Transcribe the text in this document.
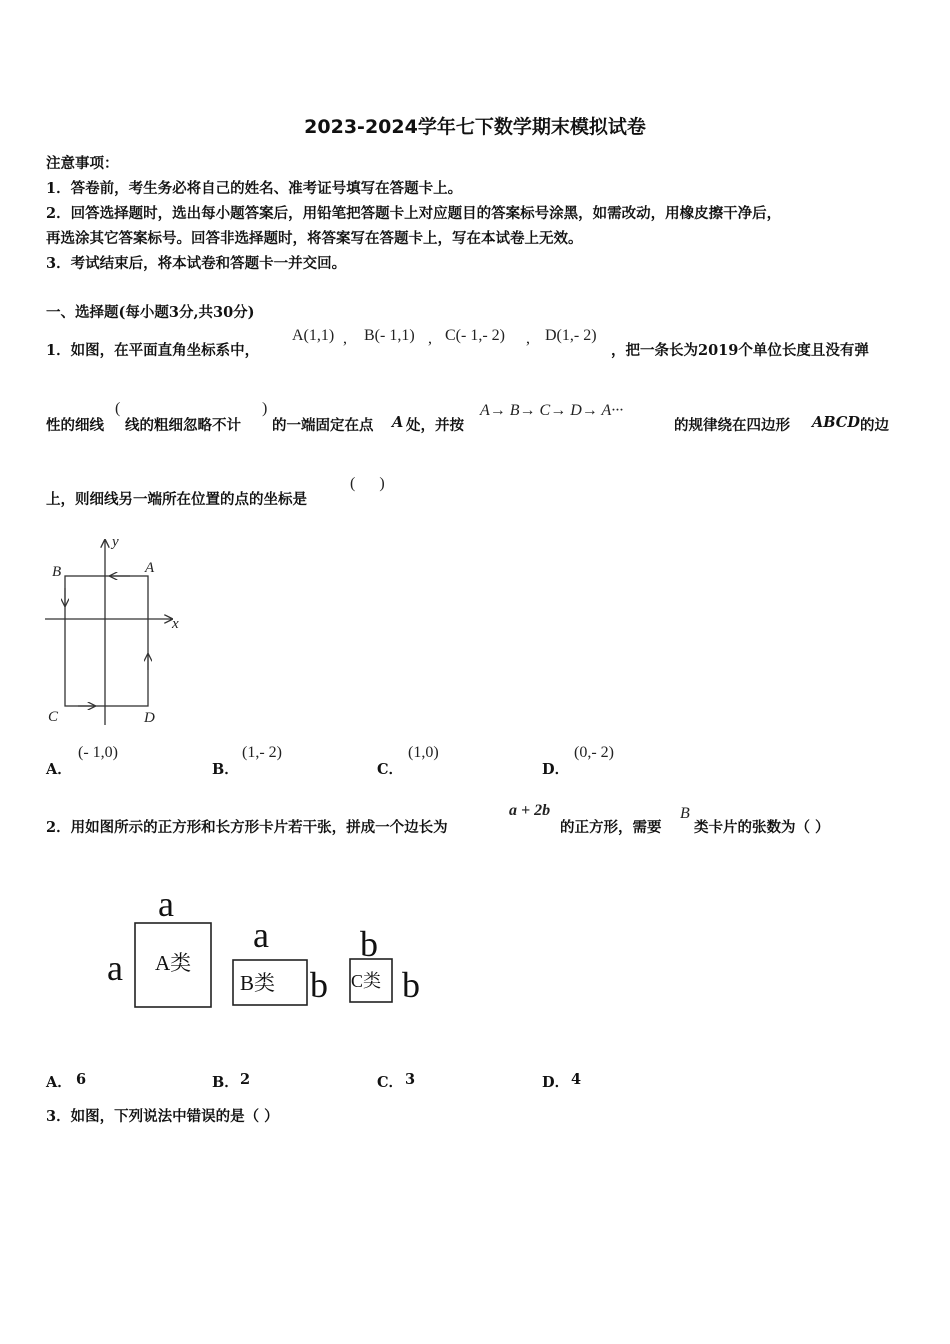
2023-2024学年七下数学期末模拟试卷
注意事项：
1．答卷前，考生务必将自己的姓名、准考证号填写在答题卡上。
2．回答选择题时，选出每小题答案后，用铅笔把答题卡上对应题目的答案标号涂黑，如需改动，用橡皮擦干净后，
再选涂其它答案标号。回答非选择题时，将答案写在答题卡上，写在本试卷上无效。
3．考试结束后，将本试卷和答题卡一并交回。
一、选择题(每小题3分,共30分)
1．如图，在平面直角坐标系中，
A(1,1) , B(- 1,1) , C(- 1,- 2) , D(1,- 2)
，把一条长为2019个单位长度且没有弹
性的细线
(
线的粗细忽略不计
)
的一端固定在点 A 处，并按
A→ B→ C→ D→ A···
的规律绕在四边形 ABCD 的边
上，则细线另一端所在位置的点的坐标是
(      )
B	A
C	D
x
y
A．
(- 1,0)
B．
(1,- 2)
C．
(1,0)
D．
(0,- 2)
2．用如图所示的正方形和长方形卡片若干张，拼成一个边长为
a + 2b
的正方形，需要
B
类卡片的张数为（ ）
a
a A类
a
b
B类
b
b
C类
A． 6	B． 2	C． 3	D． 4
3．如图，下列说法中错误的是（ ）
